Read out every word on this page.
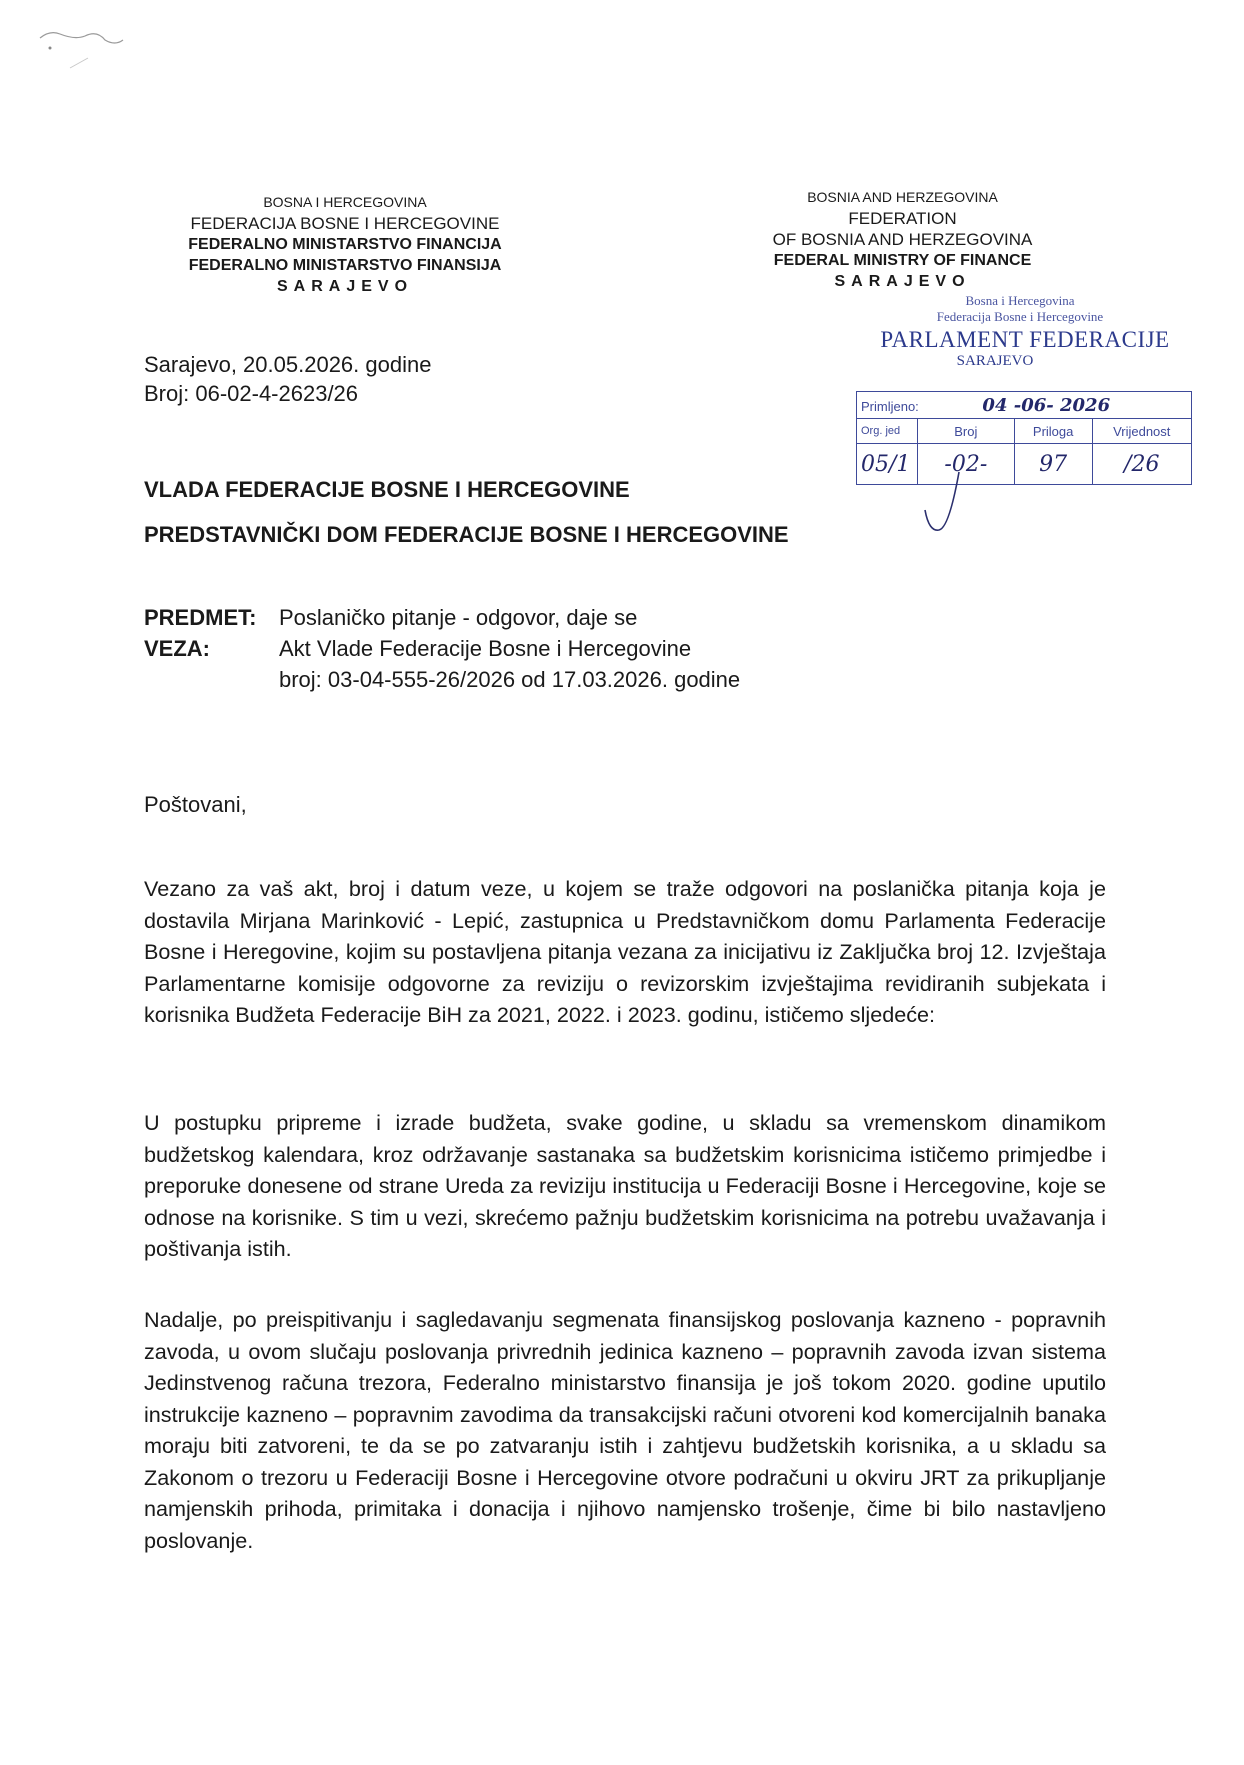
BOSNA I HERCEGOVINA
FEDERACIJA BOSNE I HERCEGOVINE
FEDERALNO MINISTARSTVO FINANCIJA
FEDERALNO MINISTARSTVO FINANSIJA
SARAJEVO
BOSNIA AND HERZEGOVINA
FEDERATION
OF BOSNIA AND HERZEGOVINA
FEDERAL MINISTRY OF FINANCE
SARAJEVO
Bosna i Hercegovina
Federacija Bosne i Hercegovine
PARLAMENT FEDERACIJE
SARAJEVO
Primljeno: 04 -06- 2026			
Org. jed	Broj	Priloga	Vrijednost
05/1	-02-	97	/26
Sarajevo, 20.05.2026. godine
Broj: 06-02-4-2623/26
VLADA FEDERACIJE BOSNE I HERCEGOVINE
PREDSTAVNIČKI DOM FEDERACIJE BOSNE I HERCEGOVINE
PREDMET: Poslaničko pitanje - odgovor, daje se
VEZA:	Akt Vlade Federacije Bosne i Hercegovine
broj: 03-04-555-26/2026 od 17.03.2026. godine
Poštovani,
Vezano za vaš akt, broj i datum veze, u kojem se traže odgovori na poslanička pitanja koja je dostavila Mirjana Marinković - Lepić, zastupnica u Predstavničkom domu Parlamenta Federacije Bosne i Heregovine, kojim su postavljena pitanja vezana za inicijativu iz Zaključka broj 12. Izvještaja Parlamentarne komisije odgovorne za reviziju o revizorskim izvještajima revidiranih subjekata i korisnika Budžeta Federacije BiH za 2021, 2022. i 2023. godinu, ističemo sljedeće:
U postupku pripreme i izrade budžeta, svake godine, u skladu sa vremenskom dinamikom budžetskog kalendara, kroz održavanje sastanaka sa budžetskim korisnicima ističemo primjedbe i preporuke donesene od strane Ureda za reviziju institucija u Federaciji Bosne i Hercegovine, koje se odnose na korisnike. S tim u vezi, skrećemo pažnju budžetskim korisnicima na potrebu uvažavanja i poštivanja istih.
Nadalje, po preispitivanju i sagledavanju segmenata finansijskog poslovanja kazneno - popravnih zavoda, u ovom slučaju poslovanja privrednih jedinica kazneno – popravnih zavoda izvan sistema Jedinstvenog računa trezora, Federalno ministarstvo finansija je još tokom 2020. godine uputilo instrukcije kazneno – popravnim zavodima da transakcijski računi otvoreni kod komercijalnih banaka moraju biti zatvoreni, te da se po zatvaranju istih i zahtjevu budžetskih korisnika, a u skladu sa Zakonom o trezoru u Federaciji Bosne i Hercegovine otvore podračuni u okviru JRT za prikupljanje namjenskih prihoda, primitaka i donacija i njihovo namjensko trošenje, čime bi bilo nastavljeno poslovanje.
